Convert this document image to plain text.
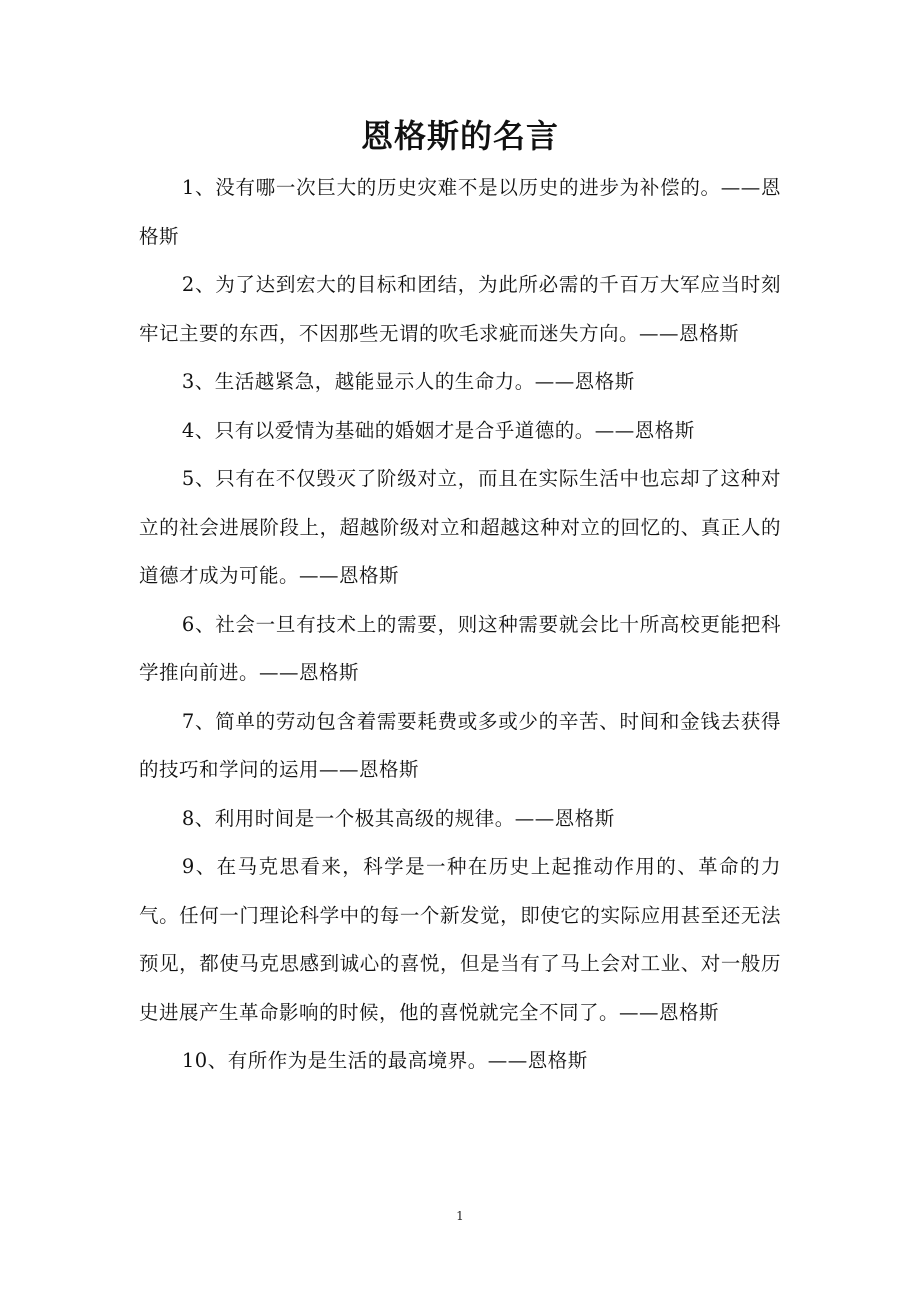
恩格斯的名言

1、没有哪一次巨大的历史灾难不是以历史的进步为补偿的。——恩格斯

2、为了达到宏大的目标和团结，为此所必需的千百万大军应当时刻牢记主要的东西，不因那些无谓的吹毛求疵而迷失方向。——恩格斯

3、生活越紧急，越能显示人的生命力。——恩格斯

4、只有以爱情为基础的婚姻才是合乎道德的。——恩格斯

5、只有在不仅毁灭了阶级对立，而且在实际生活中也忘却了这种对立的社会进展阶段上，超越阶级对立和超越这种对立的回忆的、真正人的道德才成为可能。——恩格斯

6、社会一旦有技术上的需要，则这种需要就会比十所高校更能把科学推向前进。——恩格斯

7、简单的劳动包含着需要耗费或多或少的辛苦、时间和金钱去获得的技巧和学问的运用——恩格斯

8、利用时间是一个极其高级的规律。——恩格斯

9、在马克思看来，科学是一种在历史上起推动作用的、革命的力气。任何一门理论科学中的每一个新发觉，即使它的实际应用甚至还无法预见，都使马克思感到诚心的喜悦，但是当有了马上会对工业、对一般历史进展产生革命影响的时候，他的喜悦就完全不同了。——恩格斯

10、有所作为是生活的最高境界。——恩格斯

1
